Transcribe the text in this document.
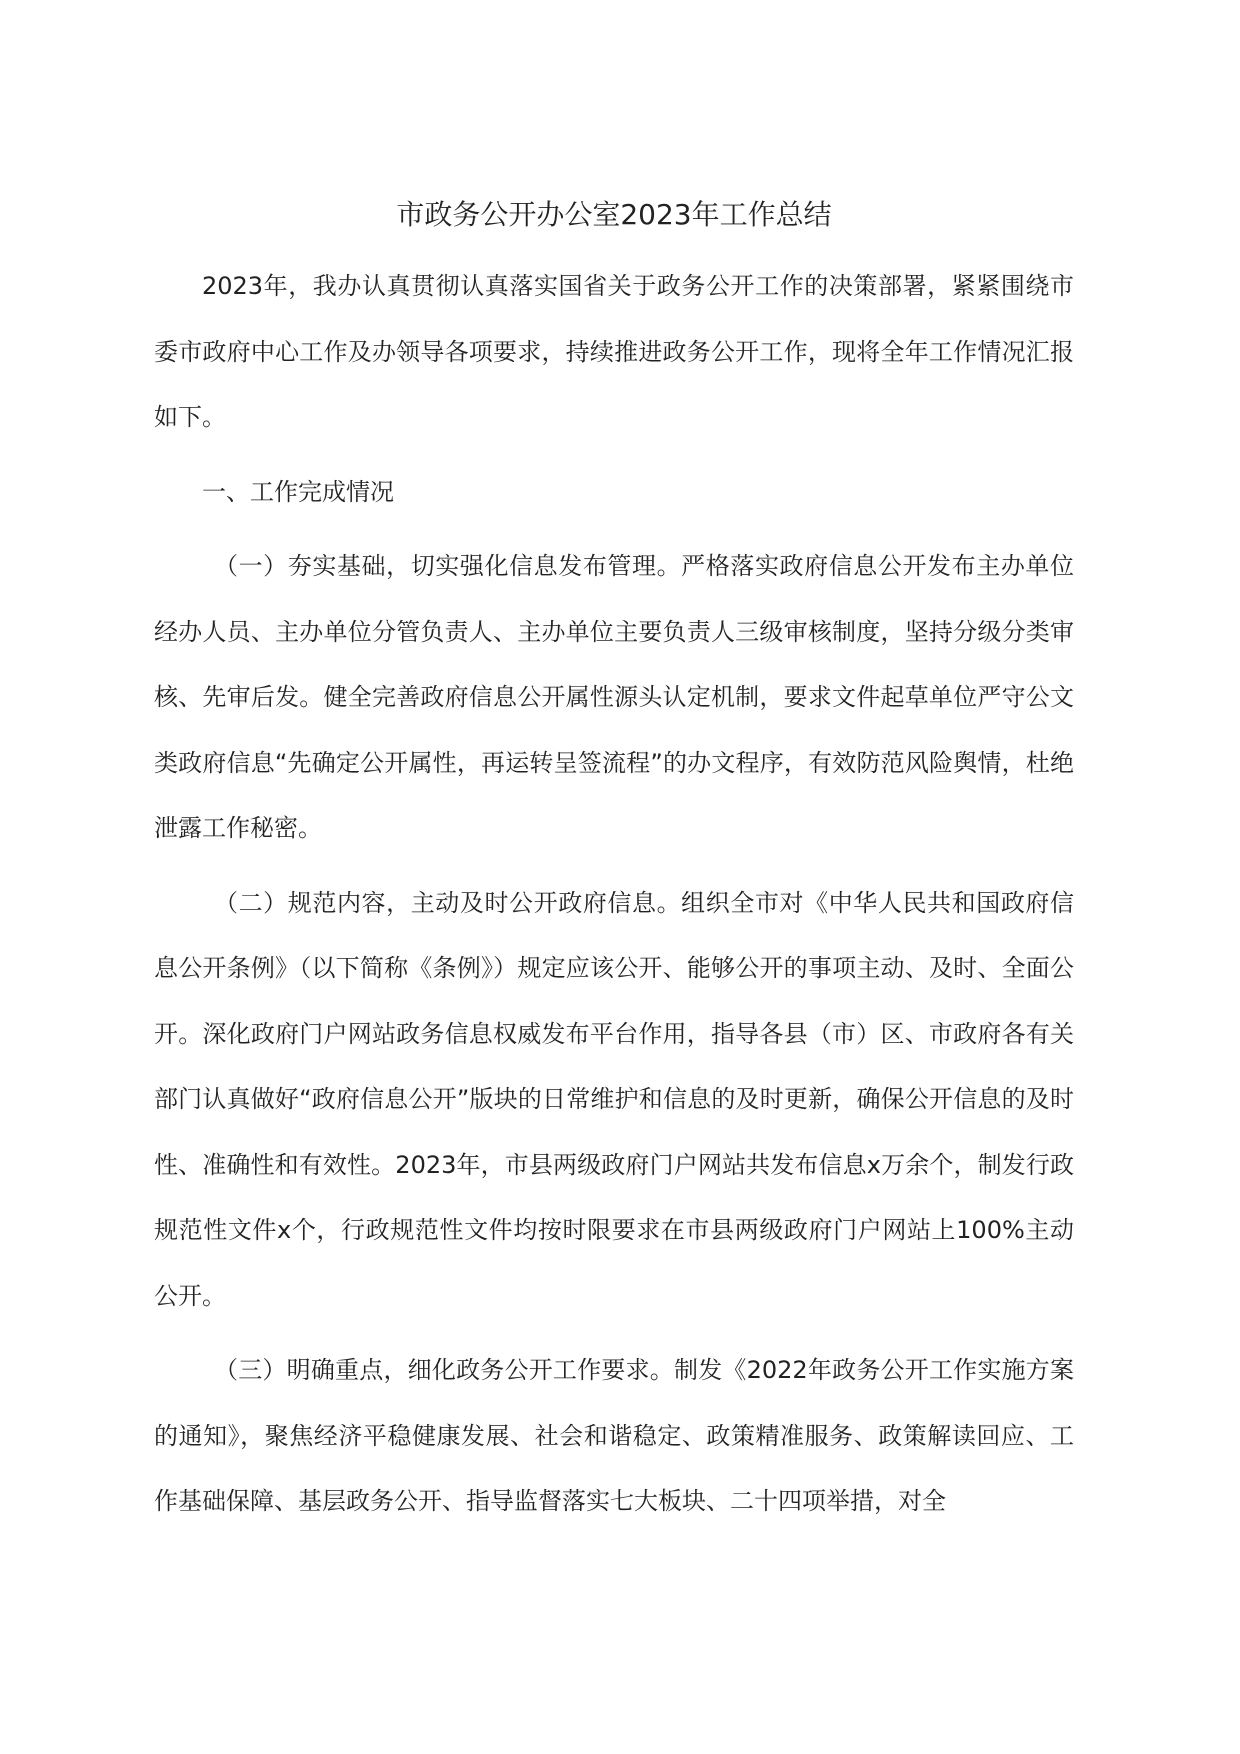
市政务公开办公室2023年工作总结

2023年，我办认真贯彻认真落实国省关于政务公开工作的决策部署，紧紧围绕市委市政府中心工作及办领导各项要求，持续推进政务公开工作，现将全年工作情况汇报如下。

一、工作完成情况

（一）夯实基础，切实强化信息发布管理。严格落实政府信息公开发布主办单位经办人员、主办单位分管负责人、主办单位主要负责人三级审核制度，坚持分级分类审核、先审后发。健全完善政府信息公开属性源头认定机制，要求文件起草单位严守公文类政府信息“先确定公开属性，再运转呈签流程”的办文程序，有效防范风险舆情，杜绝泄露工作秘密。

（二）规范内容，主动及时公开政府信息。组织全市对《中华人民共和国政府信息公开条例》（以下简称《条例》）规定应该公开、能够公开的事项主动、及时、全面公开。深化政府门户网站政务信息权威发布平台作用，指导各县（市）区、市政府各有关部门认真做好“政府信息公开”版块的日常维护和信息的及时更新，确保公开信息的及时性、准确性和有效性。2023年，市县两级政府门户网站共发布信息x万余个，制发行政规范性文件x个，行政规范性文件均按时限要求在市县两级政府门户网站上100%主动公开。

（三）明确重点，细化政务公开工作要求。制发《2022年政务公开工作实施方案的通知》，聚焦经济平稳健康发展、社会和谐稳定、政策精准服务、政策解读回应、工作基础保障、基层政务公开、指导监督落实七大板块、二十四项举措，对全
